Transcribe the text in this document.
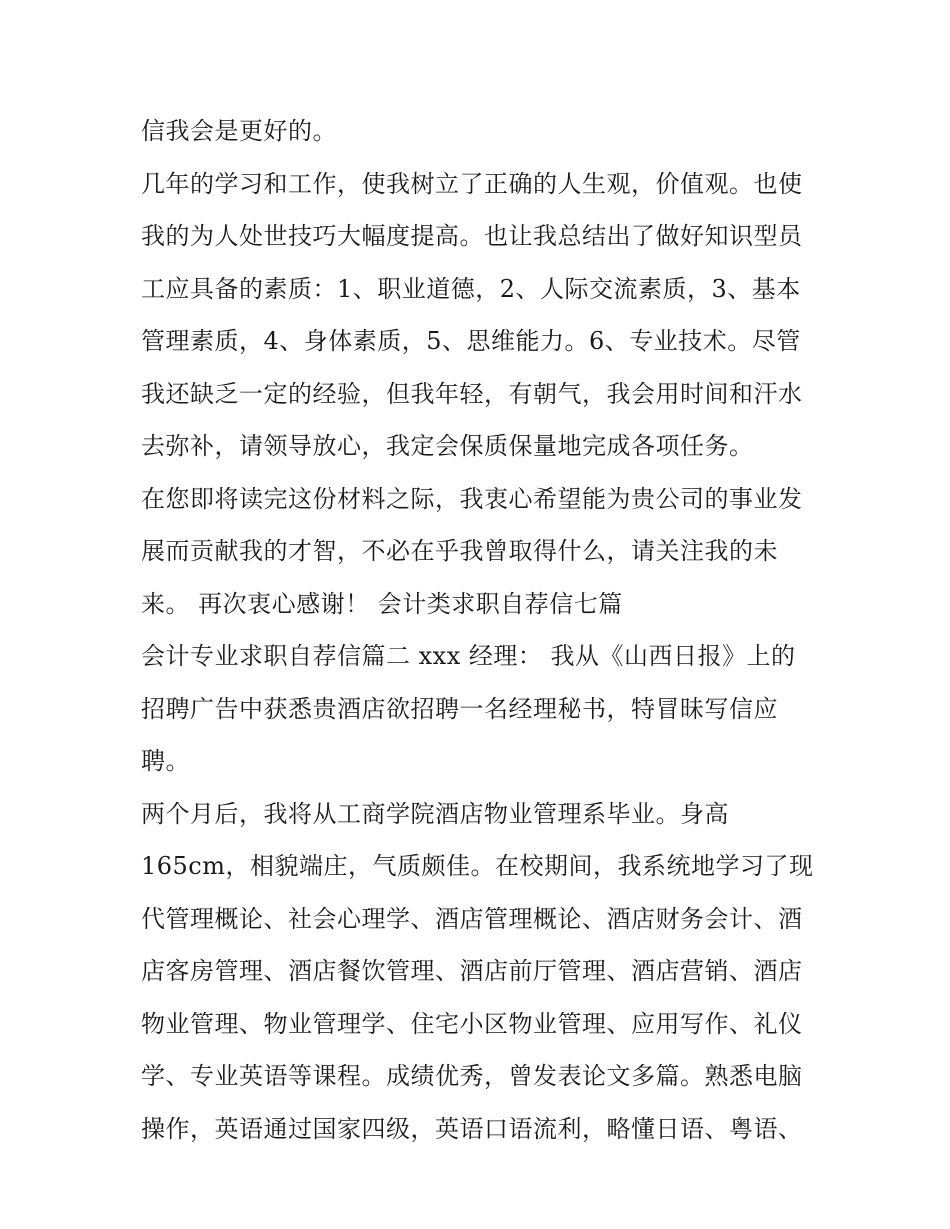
信我会是更好的。
几年的学习和工作，使我树立了正确的人生观，价值观。也使
我的为人处世技巧大幅度提高。也让我总结出了做好知识型员
工应具备的素质：1、职业道德，2、人际交流素质，3、基本
管理素质，4、身体素质，5、思维能力。6、专业技术。尽管
我还缺乏一定的经验，但我年轻，有朝气，我会用时间和汗水
去弥补，请领导放心，我定会保质保量地完成各项任务。
在您即将读完这份材料之际，我衷心希望能为贵公司的事业发
展而贡献我的才智，不必在乎我曾取得什么，请关注我的未
来。 再次衷心感谢！ 会计类求职自荐信七篇
会计专业求职自荐信篇二 xxx 经理： 我从《山西日报》上的
招聘广告中获悉贵酒店欲招聘一名经理秘书，特冒昧写信应
聘。
两个月后，我将从工商学院酒店物业管理系毕业。身高
165cm，相貌端庄，气质颇佳。在校期间，我系统地学习了现
代管理概论、社会心理学、酒店管理概论、酒店财务会计、酒
店客房管理、酒店餐饮管理、酒店前厅管理、酒店营销、酒店
物业管理、物业管理学、住宅小区物业管理、应用写作、礼仪
学、专业英语等课程。成绩优秀，曾发表论文多篇。熟悉电脑
操作，英语通过国家四级，英语口语流利，略懂日语、粤语、
